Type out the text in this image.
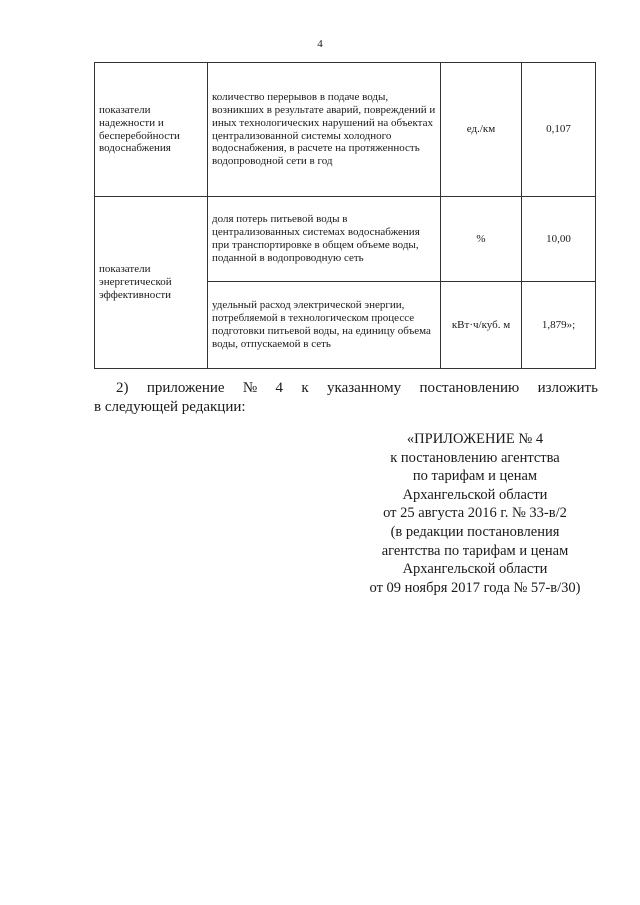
4
показатели надежности и бесперебойности водоснабжения	количество перерывов в подаче воды, возникших в результате аварий, повреждений и иных технологических нарушений на объектах централизованной системы холодного водоснабжения, в расчете на протяженность водопроводной сети в год	ед./км	0,107
показатели энергетической эффективности	доля потерь питьевой воды в централизованных системах водоснабжения при транспортировке в общем объеме воды, поданной в водопроводную сеть	%	10,00
	удельный расход электрической энергии, потребляемой в технологическом процессе подготовки питьевой воды, на единицу объема воды, отпускаемой в сеть	кВт·ч/куб. м	1,879»;
2) приложение № 4 к указанному постановлению изложить
в следующей редакции:
«ПРИЛОЖЕНИЕ № 4
к постановлению агентства
по тарифам и ценам
Архангельской области
от 25 августа 2016 г. № 33-в/2
(в редакции постановления
агентства по тарифам и ценам
Архангельской области
от 09 ноября 2017 года № 57-в/30)
